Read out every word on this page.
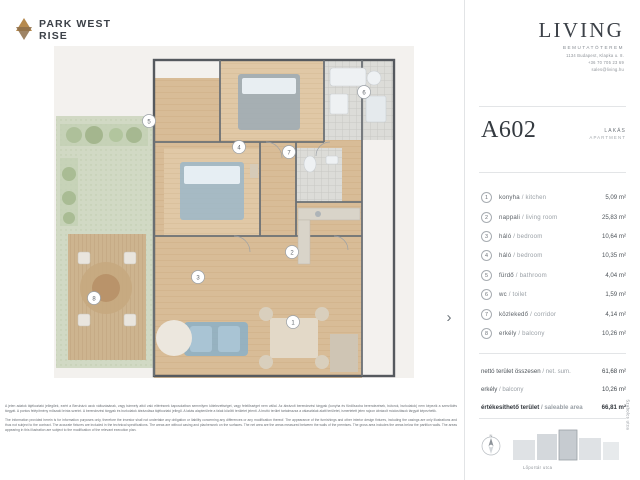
PARK WEST
RISE
1
2
3
4
5
6
7
8
›

A jelen adatok tájékoztató jellegűek, ezért a Beruházó azok változásának, vagy bármely attól való eltérésnek kapcsolatban semmilyen kötelezettséget, vagy felelősséget nem vállal. Az ábrázolt berendezési tárgyak (konyha és fürdőszoba berendezések, bútorok, burkolatok) nem képezik a szerződés tárgyát. A pontos felépítmény műszaki leírás szerint. A berendezési tárgyak és burkolatok ábrázolása tájékoztató jellegű. A lakás alapterülete a falak közötti területet jelenti. A bruttó terület tartalmazza a válaszfalak alatti területet, ismertetett jelen rajzon ábrázolt módosítások tárgyát képezhetik.

The information provided herein is for information purposes only, therefore the investor shall not undertake any obligation or liability concerning any differences or any modification thereof. The appearance of the furnishings and other interior design fixtures, including the casings are only illustrations and thus not subject to the contract. The accurate fixtures are included in the technical specifications. The areas are without casing and placherwork on the surfaces. The net area are the areas measured between the walls of the premises. The gross area includes the areas below the partition walls. The areas appearing in this illustration are subject to the modification of the relevant execution plan.

LIVING
BEMUTATÓTEREM
1134 Budapest, Klapka u. 8.
+36 70 705 23 69
sales@living.hu
A602	LAKÁS
APARTMENT
1	konyha / kitchen	5,09 m²
2	nappali / living room	25,83 m²
3	háló / bedroom	10,64 m²
4	háló / bedroom	10,35 m²
5	fürdő / bathroom	4,04 m²
6	wc / toilet	1,59 m²
7	közlekedő / corridor	4,14 m²
8	erkély / balcony	10,26 m²
nettó terület összesen / net. sum.	61,68 m²
erkély / balcony	10,26 m²
értékesíthető terület / saleable area	66,81 m²
N
Lőportár utca
Szabolcs utca
